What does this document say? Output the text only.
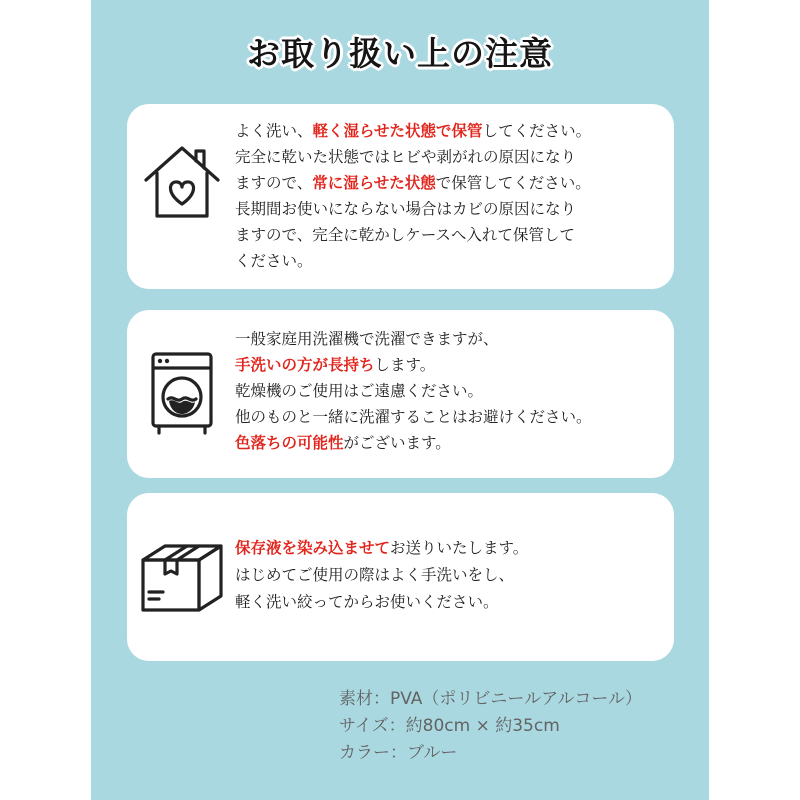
お取り扱い上の注意
よく洗い、軽く湿らせた状態で保管してください。
完全に乾いた状態ではヒビや剥がれの原因になり
ますので、常に湿らせた状態で保管してください。
長期間お使いにならない場合はカビの原因になり
ますので、完全に乾かしケースへ入れて保管して
ください。
一般家庭用洗濯機で洗濯できますが、
手洗いの方が長持ちします。
乾燥機のご使用はご遠慮ください。
他のものと一緒に洗濯することはお避けください。
色落ちの可能性がございます。
保存液を染み込ませてお送りいたします。
はじめてご使用の際はよく手洗いをし、
軽く洗い絞ってからお使いください。
素材：PVA（ポリビニールアルコール）
サイズ：約80cm × 約35cm
カラー：ブルー
